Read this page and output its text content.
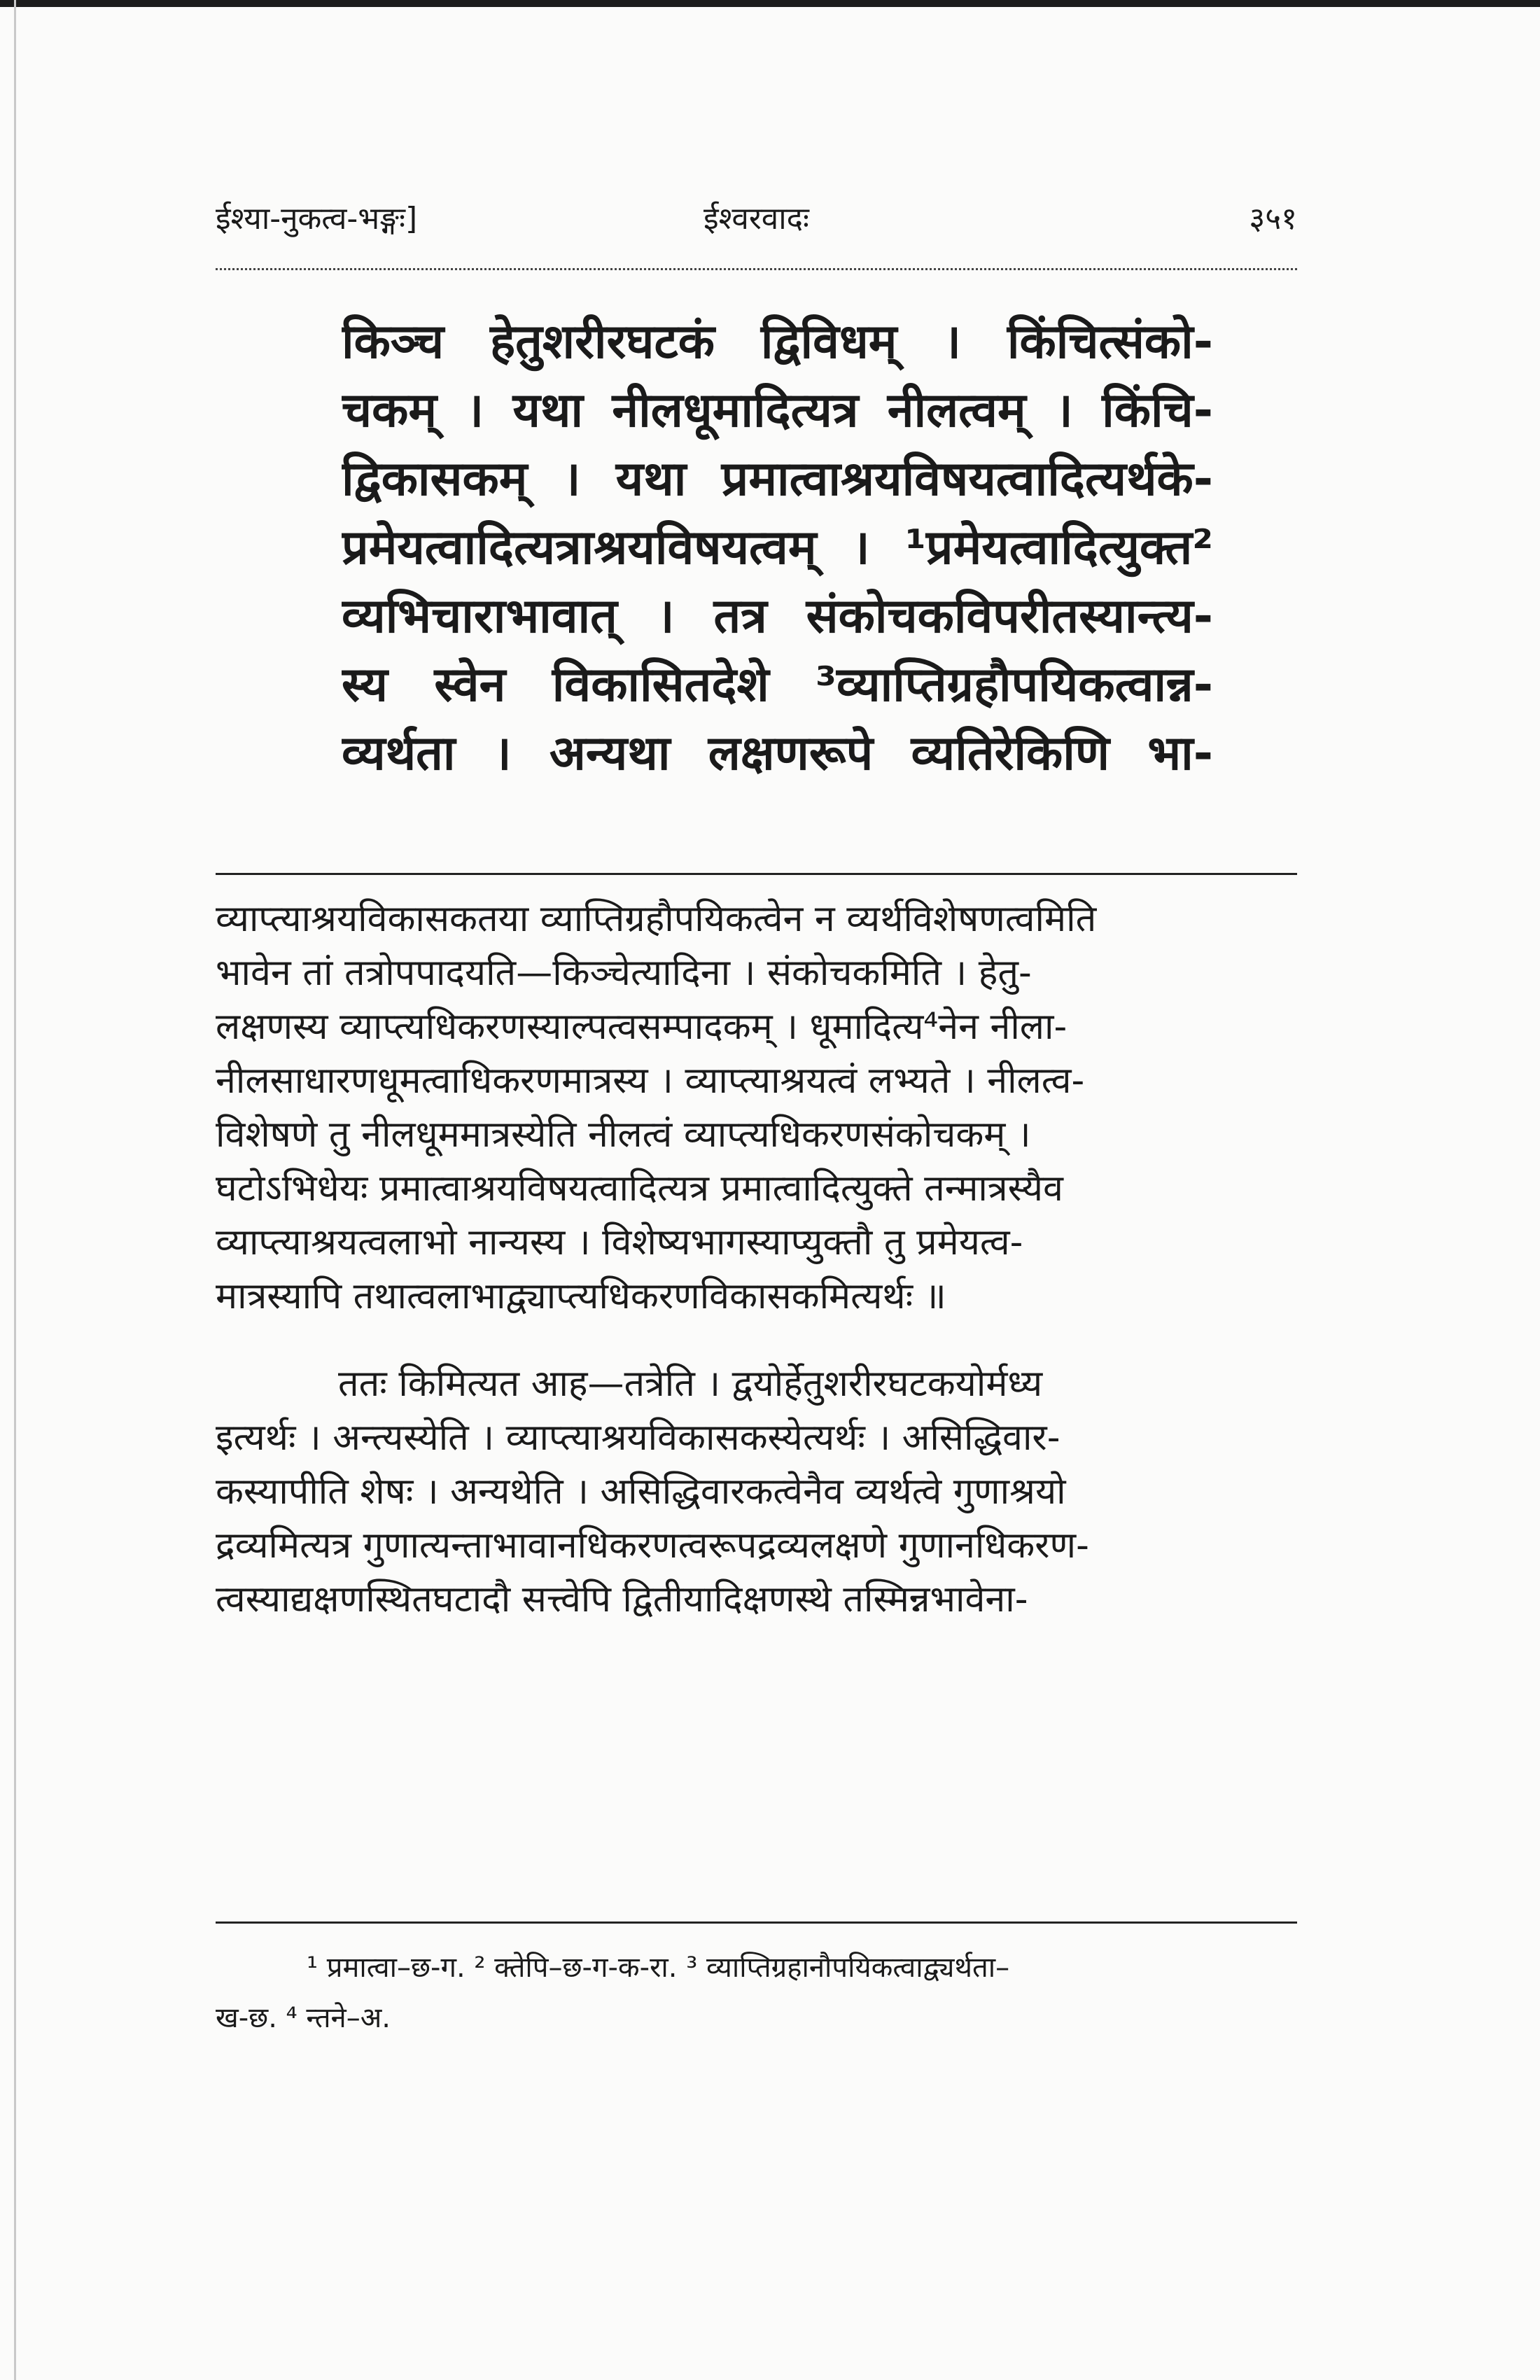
ईश्या-नुकत्व-भङ्गः]	ईश्वरवादः	३५१
किञ्च हेतुशरीरघटकं द्विविधम् । किंचित्संको-
चकम् । यथा नीलधूमादित्यत्र नीलत्वम् । किंचि-
द्विकासकम् । यथा प्रमात्वाश्रयविषयत्वादित्यर्थके-
प्रमेयत्वादित्यत्राश्रयविषयत्वम् । ¹प्रमेयत्वादित्युक्त²
व्यभिचाराभावात् । तत्र संकोचकविपरीतस्यान्त्य-
स्य स्वेन विकासितदेशे ³व्याप्तिग्रहौपयिकत्वान्न-
व्यर्थता । अन्यथा लक्षणरूपे व्यतिरेकिणि भा-
व्याप्त्याश्रयविकासकतया व्याप्तिग्रहौपयिकत्वेन न व्यर्थविशेषणत्वमिति
भावेन तां तत्रोपपादयति—किञ्चेत्यादिना । संकोचकमिति । हेतु-
लक्षणस्य व्याप्त्यधिकरणस्याल्पत्वसम्पादकम् । धूमादित्य⁴नेन नीला-
नीलसाधारणधूमत्वाधिकरणमात्रस्य । व्याप्त्याश्रयत्वं लभ्यते । नीलत्व-
विशेषणे तु नीलधूममात्रस्येति नीलत्वं व्याप्त्यधिकरणसंकोचकम् ।
घटोऽभिधेयः प्रमात्वाश्रयविषयत्वादित्यत्र प्रमात्वादित्युक्ते तन्मात्रस्यैव
व्याप्त्याश्रयत्वलाभो नान्यस्य । विशेष्यभागस्याप्युक्तौ तु प्रमेयत्व-
मात्रस्यापि तथात्वलाभाद्व्याप्त्यधिकरणविकासकमित्यर्थः ॥
ततः किमित्यत आह—तत्रेति । द्वयोर्हेतुशरीरघटकयोर्मध्य
इत्यर्थः । अन्त्यस्येति । व्याप्त्याश्रयविकासकस्येत्यर्थः । असिद्धिवार-
कस्यापीति शेषः । अन्यथेति । असिद्धिवारकत्वेनैव व्यर्थत्वे गुणाश्रयो
द्रव्यमित्यत्र गुणात्यन्ताभावानधिकरणत्वरूपद्रव्यलक्षणे गुणानधिकरण-
त्वस्याद्यक्षणस्थितघटादौ सत्त्वेपि द्वितीयादिक्षणस्थे तस्मिन्नभावेना-
¹ प्रमात्वा–छ-ग. ² क्तेपि–छ-ग-क-रा. ³ व्याप्तिग्रहानौपयिकत्वाद्व्यर्थता–
ख-छ. ⁴ न्तने–अ.
